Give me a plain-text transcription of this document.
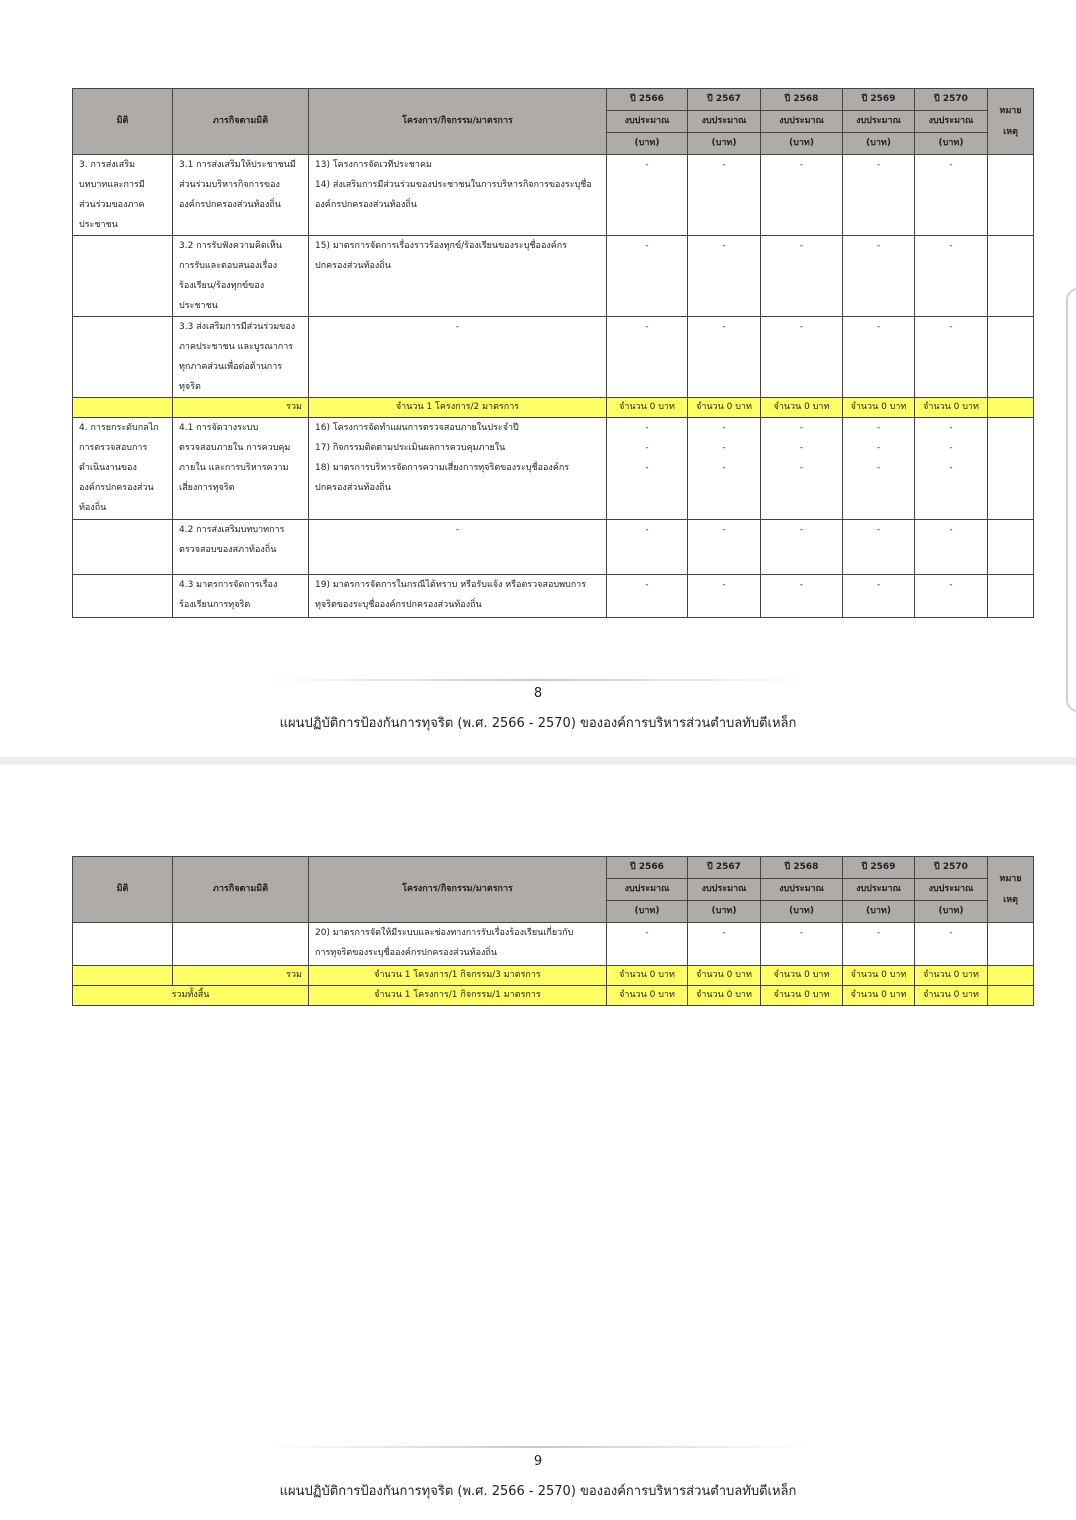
มิติ	ภารกิจตามมิติ	โครงการ/กิจกรรม/มาตรการ	ปี 2566	ปี 2567	ปี 2568	ปี 2569	ปี 2570	หมาย
เหตุ
			งบประมาณ	งบประมาณ	งบประมาณ	งบประมาณ	งบประมาณ	
			(บาท)	(บาท)	(บาท)	(บาท)	(บาท)	
3. การส่งเสริม
บทบาทและการมี
ส่วนร่วมของภาค
ประชาชน	3.1 การส่งเสริมให้ประชาชนมี
ส่วนร่วมบริหารกิจการของ
องค์กรปกครองส่วนท้องถิ่น	13) โครงการจัดเวทีประชาคม
14) ส่งเสริมการมีส่วนร่วมของประชาชนในการบริหารกิจการของระบุชื่อ
องค์กรปกครองส่วนท้องถิ่น	-	-	-	-	-	
	3.2 การรับฟังความคิดเห็น
การรับและตอบสนองเรื่อง
ร้องเรียน/ร้องทุกข์ของ
ประชาชน	15) มาตรการจัดการเรื่องราวร้องทุกข์/ร้องเรียนของระบุชื่อองค์กร
ปกครองส่วนท้องถิ่น	-	-	-	-	-	
	3.3 ส่งเสริมการมีส่วนร่วมของ
ภาคประชาชน และบูรณาการ
ทุกภาคส่วนเพื่อต่อต้านการ
ทุจริต	-	-	-	-	-	-	
	รวม	จำนวน 1 โครงการ/2 มาตรการ	จำนวน 0 บาท	จำนวน 0 บาท	จำนวน 0 บาท	จำนวน 0 บาท	จำนวน 0 บาท	
4. การยกระดับกลไก
การตรวจสอบการ
ดำเนินงานของ
องค์กรปกครองส่วน
ท้องถิ่น	4.1 การจัดวางระบบ
ตรวจสอบภายใน การควบคุม
ภายใน และการบริหารความ
เสี่ยงการทุจริต	16) โครงการจัดทำแผนการตรวจสอบภายในประจำปี
17) กิจกรรมติดตามประเมินผลการควบคุมภายใน
18) มาตรการบริหารจัดการความเสี่ยงการทุจริตของระบุชื่อองค์กร
ปกครองส่วนท้องถิ่น	-
-
-	-
-
-	-
-
-	-
-
-	-
-
-	
	4.2 การส่งเสริมบทบาทการ
ตรวจสอบของสภาท้องถิ่น	-	-	-	-	-	-	
	4.3 มาตรการจัดการเรื่อง
ร้องเรียนการทุจริต	19) มาตรการจัดการในกรณีได้ทราบ หรือรับแจ้ง หรือตรวจสอบพบการ
ทุจริตของระบุชื่อองค์กรปกครองส่วนท้องถิ่น	-	-	-	-	-	
8
แผนปฏิบัติการป้องกันการทุจริต (พ.ศ. 2566 - 2570) ขององค์การบริหารส่วนตำบลทับตีเหล็ก
มิติ	ภารกิจตามมิติ	โครงการ/กิจกรรม/มาตรการ	ปี 2566	ปี 2567	ปี 2568	ปี 2569	ปี 2570	หมาย
เหตุ
			งบประมาณ	งบประมาณ	งบประมาณ	งบประมาณ	งบประมาณ	
			(บาท)	(บาท)	(บาท)	(บาท)	(บาท)	
		20) มาตรการจัดให้มีระบบและช่องทางการรับเรื่องร้องเรียนเกี่ยวกับ
การทุจริตของระบุชื่อองค์กรปกครองส่วนท้องถิ่น	-	-	-	-	-	
	รวม	จำนวน 1 โครงการ/1 กิจกรรม/3 มาตรการ	จำนวน 0 บาท	จำนวน 0 บาท	จำนวน 0 บาท	จำนวน 0 บาท	จำนวน 0 บาท	
รวมทั้งสิ้น		จำนวน 1 โครงการ/1 กิจกรรม/1 มาตรการ	จำนวน 0 บาท	จำนวน 0 บาท	จำนวน 0 บาท	จำนวน 0 บาท	จำนวน 0 บาท	
9
แผนปฏิบัติการป้องกันการทุจริต (พ.ศ. 2566 - 2570) ขององค์การบริหารส่วนตำบลทับตีเหล็ก
